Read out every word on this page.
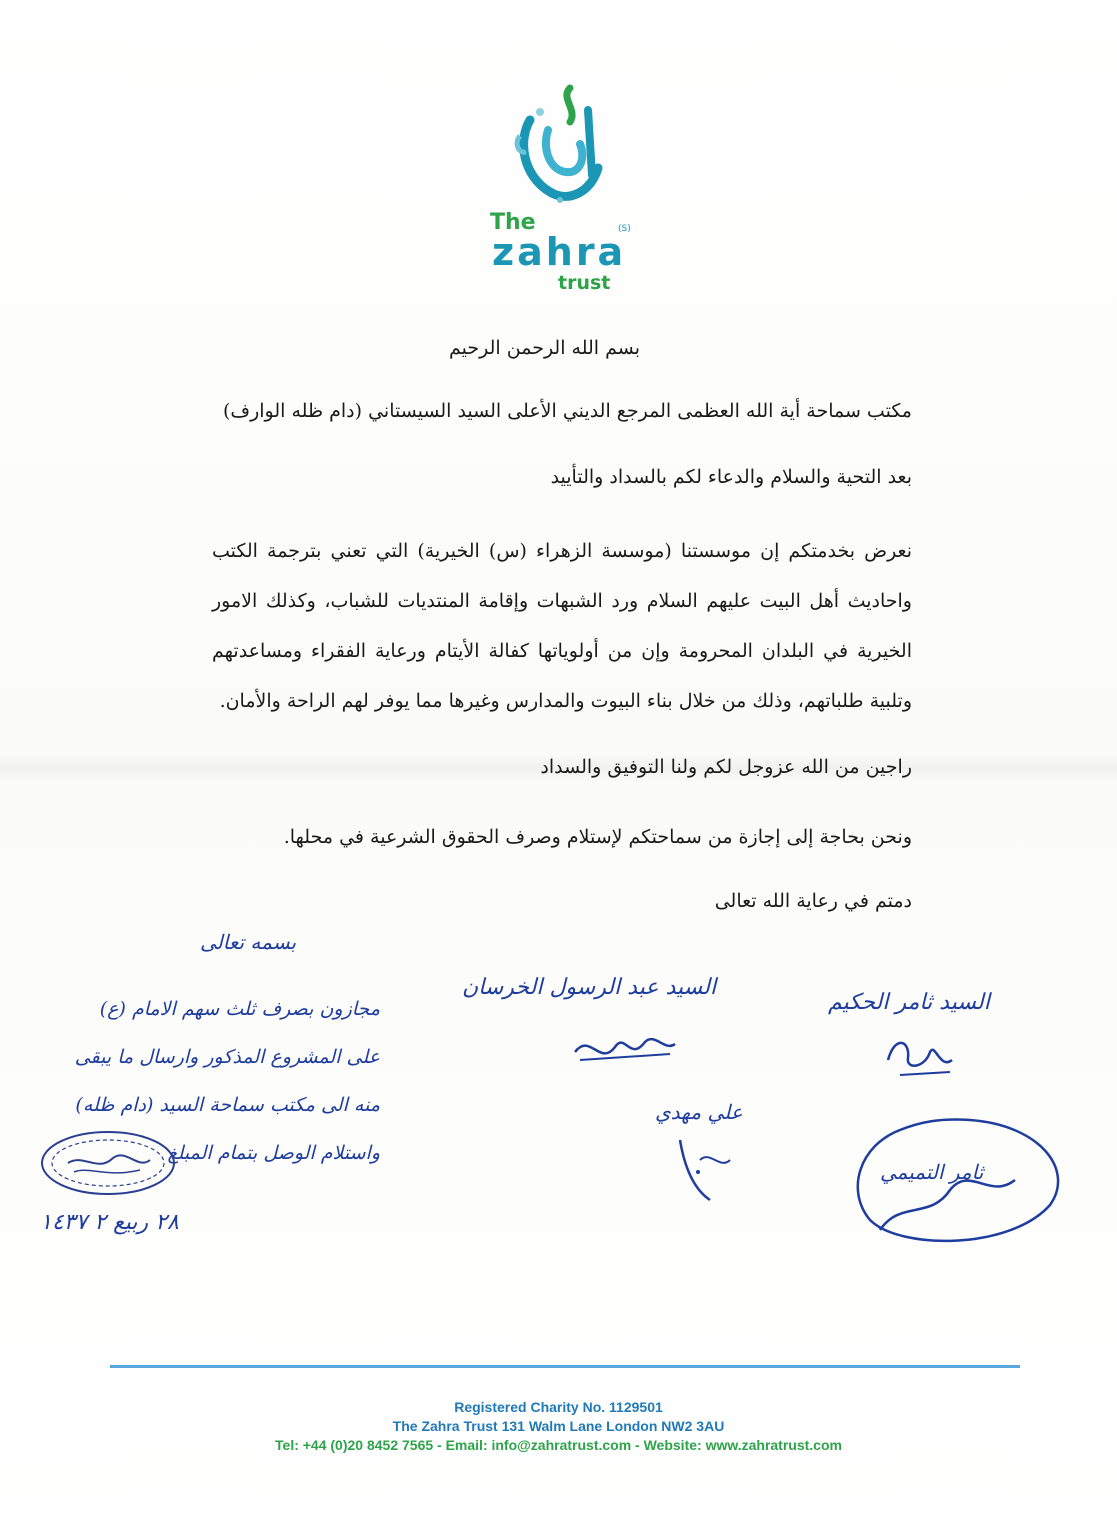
The
zahra
(S)
trust
بسم الله الرحمن الرحيم
مكتب سماحة أية الله العظمى المرجع الديني الأعلى السيد السيستاني (دام ظله الوارف)
بعد التحية والسلام والدعاء لكم بالسداد والتأييد
نعرض بخدمتكم إن موسستنا (موسسة الزهراء (س) الخيرية) التي تعني بترجمة الكتب واحاديث أهل البيت عليهم السلام ورد الشبهات وإقامة المنتديات للشباب، وكذلك الامور الخيرية في البلدان المحرومة وإن من أولوياتها كفالة الأيتام ورعاية الفقراء ومساعدتهم وتلبية طلباتهم، وذلك من خلال بناء البيوت والمدارس وغيرها مما يوفر لهم الراحة والأمان.
راجين من الله عزوجل لكم ولنا التوفيق والسداد
ونحن بحاجة إلى إجازة من سماحتكم لإستلام وصرف الحقوق الشرعية في محلها.
دمتم في رعاية الله تعالى
بسمه تعالى
مجازون بصرف ثلث سهم الامام (ع)
على المشروع المذكور وارسال ما يبقى
منه الى مكتب سماحة السيد (دام ظله)
واستلام الوصل بتمام المبلغ
٢٨ ربيع ٢ ١٤٣٧
السيد عبد الرسول الخرسان
السيد ثامر الحكيم
علي مهدي
ثامر التميمي
Registered Charity No. 1129501
The Zahra Trust 131 Walm Lane London NW2 3AU
Tel: +44 (0)20 8452 7565 - Email: info@zahratrust.com - Website: www.zahratrust.com
